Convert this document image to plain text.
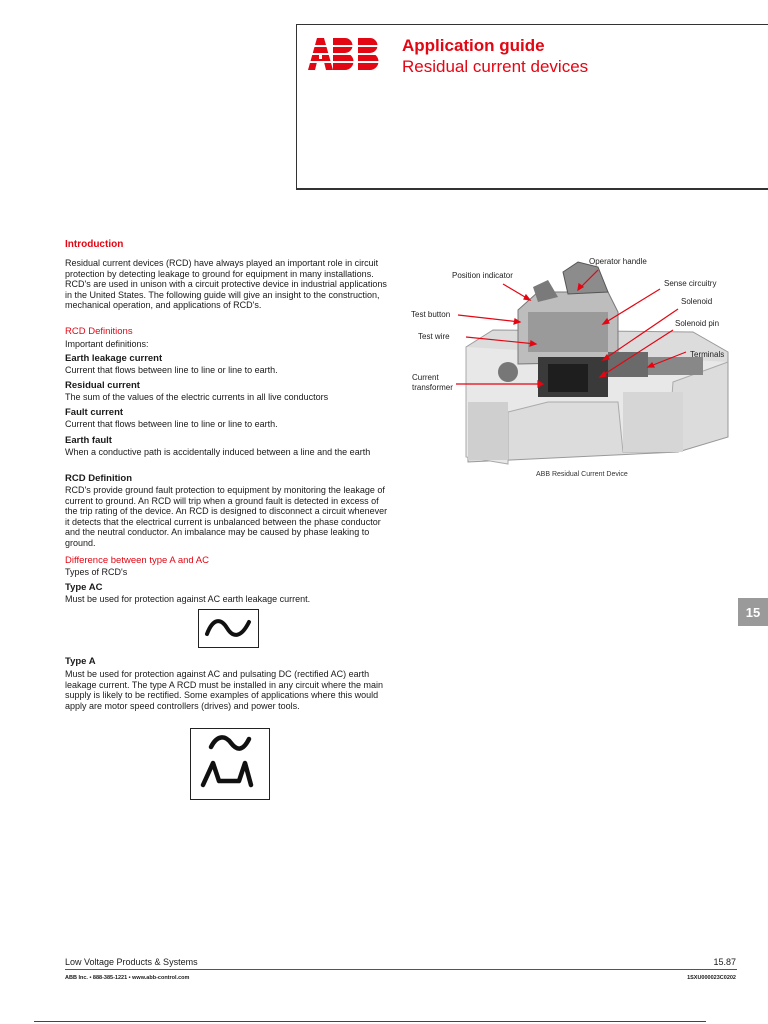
Application guide
Residual current devices
Introduction
Residual current devices (RCD) have always played an important role in circuit protection by detecting leakage to ground for equipment in many installations. RCD's are used in unison with a circuit protective device in industrial applications in the United States. The following guide will give an insight to the construction, mechanical operation, and applications of RCD's.
RCD Definitions
Important definitions:
Earth leakage current
Current that flows between line to line or line to earth.
Residual current
The sum of the values of the electric currents in all live conductors
Fault current
Current that flows between line to line or line to earth.
Earth fault
When a conductive path is accidentally induced between a line and the earth
RCD Definition
RCD's provide ground fault protection to equipment by monitoring the leakage of current to ground. An RCD will trip when a ground fault is detected in excess of the trip rating of the device. An RCD is designed to disconnect a circuit whenever it detects that the electrical current is unbalanced between the phase conductor and the neutral conductor. An imbalance may be caused by phase leaking to ground.
Difference between type A and AC
Types of RCD's
Type AC
Must be used for protection against AC earth leakage current.
Type A
Must be used for protection against AC and pulsating DC (rectified AC) earth leakage current. The type A RCD must be installed in any circuit where the main supply is likely to be rectified. Some examples of applications where this would apply are motor speed controllers (drives) and power tools.
Operator handle
Position indicator
Sense circuitry
Solenoid
Test button
Solenoid pin
Test wire
Terminals
Current
transformer
ABB Residual Current Device
15
Low Voltage Products & Systems	15.87
ABB Inc. • 888-385-1221 • www.abb-control.com	1SXU000023C0202
